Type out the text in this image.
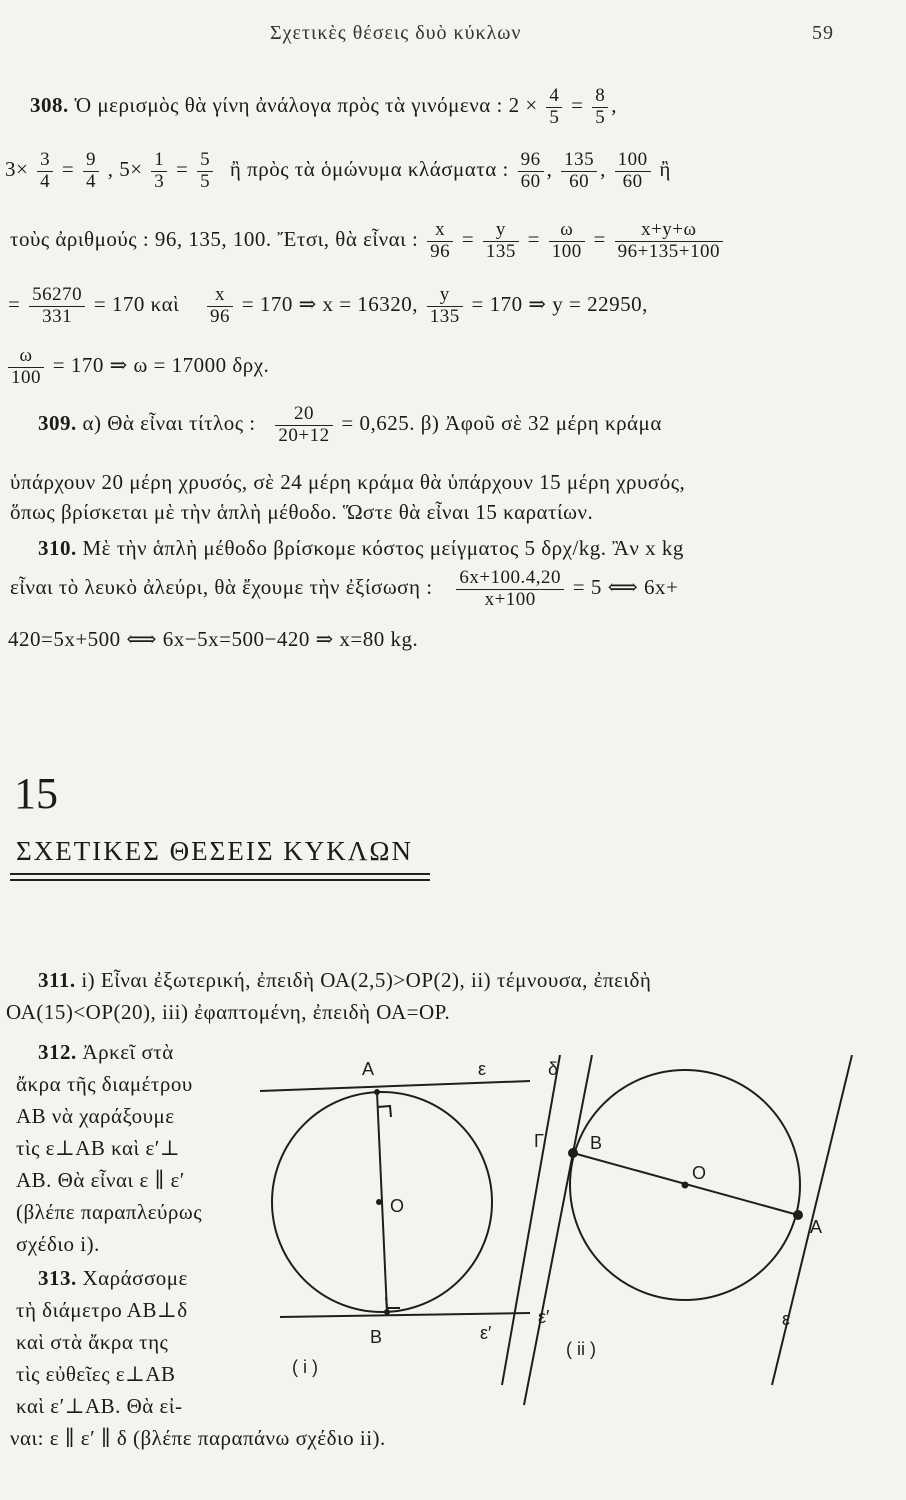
Σχετικὲς θέσεις δυὸ κύκλων	59
308. Ὁ μερισμὸς θὰ γίνη ἀνάλογα πρὸς τὰ γινόμενα : $2 \times \frac{4}{5} = \frac{8}{5}$ ,
$3\times \frac{3}{4} = \frac{9}{4}$ , $5\times \frac{1}{3} = \frac{5}{5}$ ἢ πρὸς τὰ ὁμώνυμα κλάσματα : $\frac{96}{60}$ , $\frac{135}{60}$ , $\frac{100}{60}$ ἢ
τοὺς ἀριθμούς : 96, 135, 100. Ἔτσι, θὰ εἶναι : $\frac{x}{96} = \frac{y}{135} = \frac{\omega}{100} = \frac{x+y+\omega}{96+135+100}$
= $\frac{56270}{331} = 170$ καὶ $\frac{x}{96} = 170$ ⇒ x = 16320, $\frac{y}{135} = 170$ ⇒ y = 22950,
$\frac{\omega}{100} = 170$ ⇒ ω = 17000 δρχ.
309. α) Θὰ εἶναι τίτλος : $\frac{20}{20+12} = 0,625$. β) Ἀφοῦ σὲ 32 μέρη κράμα
ὑπάρχουν 20 μέρη χρυσός, σὲ 24 μέρη κράμα θὰ ὑπάρχουν 15 μέρη χρυσός,
ὅπως βρίσκεται μὲ τὴν ἁπλὴ μέθοδο. Ὥστε θὰ εἶναι 15 καρατίων.
310. Μὲ τὴν ἁπλὴ μέθοδο βρίσκομε κόστος μείγματος 5 δρχ/kg. Ἂν x kg
εἶναι τὸ λευκὸ ἀλεύρι, θὰ ἔχουμε τὴν ἐξίσωση : $\frac{6x+100.4,20}{x+100} = 5$ ⟺ 6x+
420=5x+500 ⟺ 6x−5x=500−420 ⇒ x=80 kg.
15
ΣΧΕΤΙΚΕΣ ΘΕΣΕΙΣ ΚΥΚΛΩΝ
311. i) Εἶναι ἐξωτερική, ἐπειδὴ ΟΑ(2,5)>ΟΡ(2), ii) τέμνουσα, ἐπειδὴ
ΟΑ(15)<ΟΡ(20), iii) ἐφαπτομένη, ἐπειδὴ ΟΑ=ΟΡ.
312. Ἀρκεῖ στὰ
ἄκρα τῆς διαμέτρου
ΑΒ νὰ χαράξουμε
τὶς ε⊥ΑΒ καὶ ε′⊥
ΑΒ. Θὰ εἶναι ε ∥ ε′
(βλέπε παραπλεύρως
σχέδιο i).
313. Χαράσσομε
τὴ διάμετρο ΑΒ⊥δ
καὶ στὰ ἄκρα της
τὶς εὐθεῖες ε⊥ΑΒ
καὶ ε′⊥ΑΒ. Θὰ εἰ-
ναι: ε ∥ ε′ ∥ δ (βλέπε παραπάνω σχέδιο ii).
A	ε
O
B	ε′
( i )
δ
Γ	B
O
A
ε′	ε
( ii )
